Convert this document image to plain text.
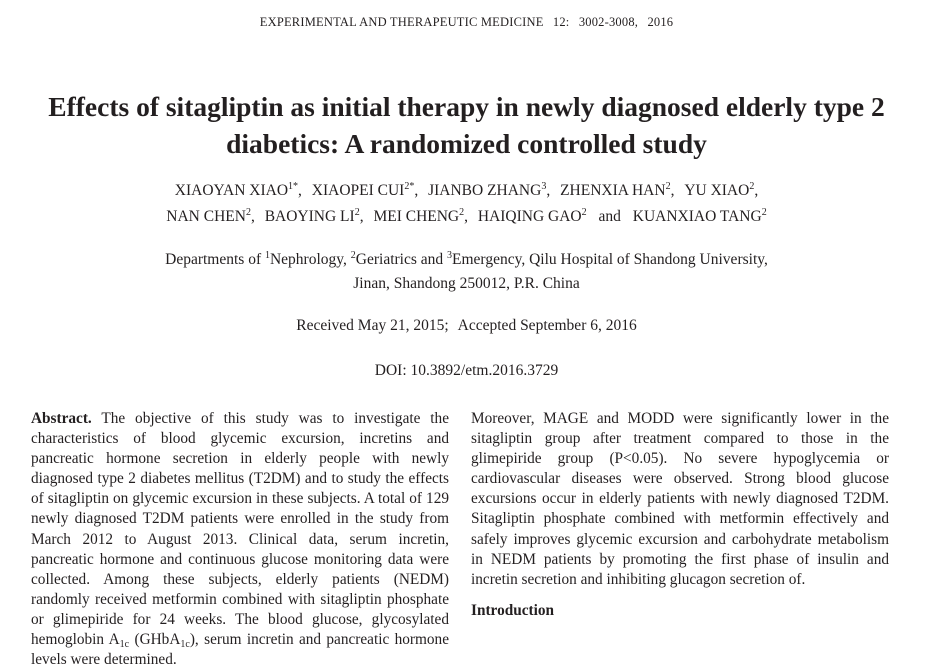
EXPERIMENTAL AND THERAPEUTIC MEDICINE 12: 3002-3008, 2016
Effects of sitagliptin as initial therapy in newly diagnosed elderly type 2 diabetics: A randomized controlled study
XIAOYAN $XIAO^{1*}$, XIAOPEI $CUI^{2*}$, JIANBO ZHANG$^3$, ZHENXIA HAN$^2$, YU XIAO$^2$,
NAN CHEN$^2$, BAOYING $LI^2$, MEI CHENG$^2$, HAIQING GAO$^2$ and KUANXIAO TANG$^2$
Departments of $^1$Nephrology, $^2$Geriatrics and $^3$Emergency, Qilu Hospital of Shandong University,
Jinan, Shandong 250012, P.R. China
Received May 21, 2015; Accepted September 6, 2016
DOI: 10.3892/etm.2016.3729

Abstract. The objective of this study was to investigate the characteristics of blood glycemic excursion, incretins and pancreatic hormone secretion in elderly people with newly diagnosed type 2 diabetes mellitus (T2DM) and to study the effects of sitagliptin on glycemic excursion in these subjects. A total of 129 newly diagnosed T2DM patients were enrolled in the study from March 2012 to August 2013. Clinical data, serum incretin, pancreatic hormone and continuous glucose monitoring data were collected. Among these subjects, elderly patients (NEDM) randomly received metformin combined with sitagliptin phosphate or glimepiride for 24 weeks. The blood glucose, glycosylated hemoglobin $A_{1c}$ (GHbA$_{1c}$), serum incretin and pancreatic hormone levels were determined.

Moreover, MAGE and MODD were significantly lower in the sitagliptin group after treatment compared to those in the glimepiride group (P<0.05). No severe hypoglycemia or cardiovascular diseases were observed. Strong blood glucose excursions occur in elderly patients with newly diagnosed T2DM. Sitagliptin phosphate combined with metformin effectively and safely improves glycemic excursion and carbohydrate metabolism in NEDM patients by promoting the first phase of insulin and incretin secretion and inhibiting glucagon secretion of.

Introduction
